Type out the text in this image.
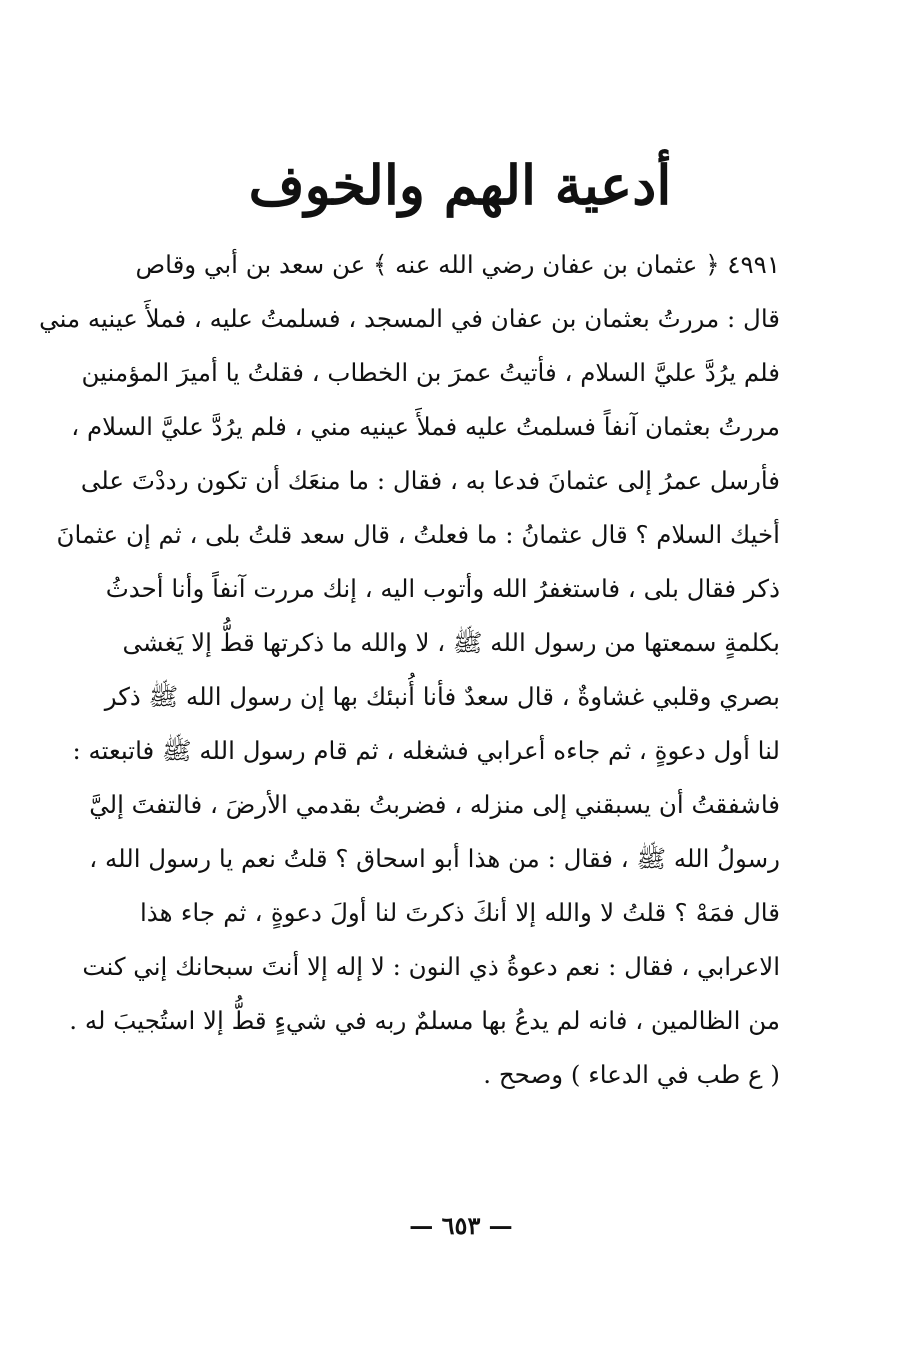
أدعية الهم والخوف
٤٩٩١ ﴿ عثمان بن عفان رضي الله عنه ﴾ عن سعد بن أبي وقاص
قال : مررتُ بعثمان بن عفان في المسجد ، فسلمتُ عليه ، فملأَ عينيه مني
فلم يرُدَّ عليَّ السلام ، فأتيتُ عمرَ بن الخطاب ، فقلتُ يا أميرَ المؤمنين
مررتُ بعثمان آنفاً فسلمتُ عليه فملأَ عينيه مني ، فلم يرُدَّ عليَّ السلام ،
فأرسل عمرُ إلى عثمانَ فدعا به ، فقال : ما منعَك أن تكون رددْتَ على
أخيك السلام ؟ قال عثمانُ : ما فعلتُ ، قال سعد قلتُ بلى ، ثم إن عثمانَ
ذكر فقال بلى ، فاستغفرُ الله وأتوب اليه ، إنك مررت آنفاً وأنا أحدثُ
بكلمةٍ سمعتها من رسول الله ﷺ ، لا والله ما ذكرتها قطُّ إلا يَغشى
بصري وقلبي غشاوةٌ ، قال سعدٌ فأنا أُنبئك بها إن رسول الله ﷺ ذكر
لنا أول دعوةٍ ، ثم جاءه أعرابي فشغله ، ثم قام رسول الله ﷺ فاتبعته :
فاشفقتُ أن يسبقني إلى منزله ، فضربتُ بقدمي الأرضَ ، فالتفتَ إليَّ
رسولُ الله ﷺ ، فقال : من هذا أبو اسحاق ؟ قلتُ نعم يا رسول الله ،
قال فمَهْ ؟ قلتُ لا والله إلا أنكَ ذكرتَ لنا أولَ دعوةٍ ، ثم جاء هذا
الاعرابي ، فقال : نعم دعوةُ ذي النون : لا إله إلا أنتَ سبحانك إني كنت
من الظالمين ، فانه لم يدعُ بها مسلمٌ ربه في شيءٍ قطُّ إلا استُجيبَ له .
( ع طب في الدعاء ) وصحح .
— ٦٥٣ —
